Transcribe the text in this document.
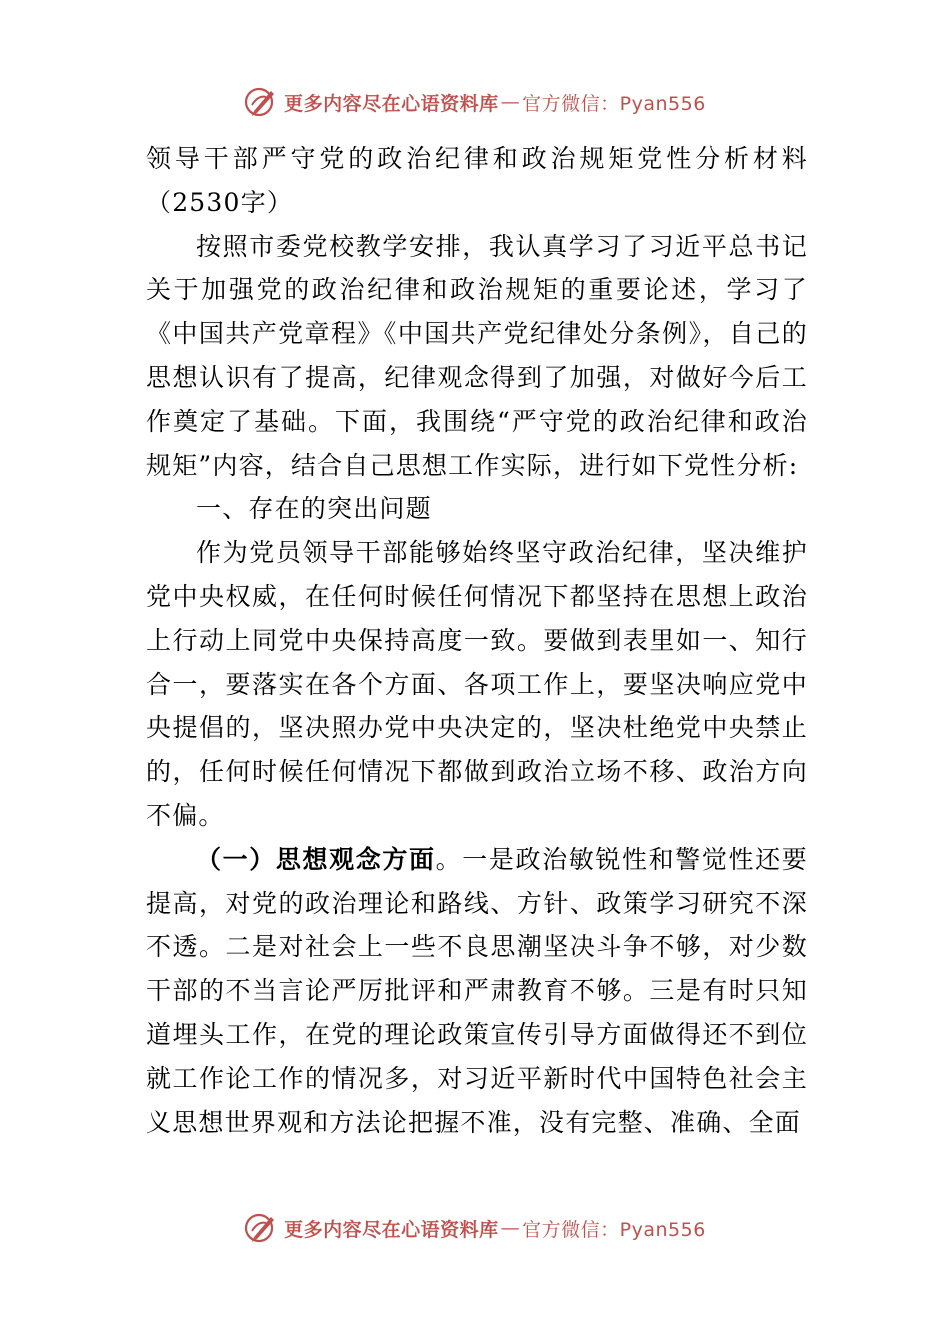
更多内容尽在心语资料库 — 官方微信：Pyan556

领导干部严守党的政治纪律和政治规矩党性分析材料（2530字）

按照市委党校教学安排，我认真学习了习近平总书记关于加强党的政治纪律和政治规矩的重要论述，学习了《中国共产党章程》《中国共产党纪律处分条例》，自己的思想认识有了提高，纪律观念得到了加强，对做好今后工作奠定了基础。下面，我围绕“严守党的政治纪律和政治规矩”内容，结合自己思想工作实际，进行如下党性分析:

一、存在的突出问题

作为党员领导干部能够始终坚守政治纪律，坚决维护党中央权威，在任何时候任何情况下都坚持在思想上政治上行动上同党中央保持高度一致。要做到表里如一、知行合一，要落实在各个方面、各项工作上，要坚决响应党中央提倡的，坚决照办党中央决定的，坚决杜绝党中央禁止的，任何时候任何情况下都做到政治立场不移、政治方向不偏。

（一）思想观念方面。一是政治敏锐性和警觉性还要提高，对党的政治理论和路线、方针、政策学习研究不深不透。二是对社会上一些不良思潮坚决斗争不够，对少数干部的不当言论严厉批评和严肃教育不够。三是有时只知道埋头工作，在党的理论政策宣传引导方面做得还不到位就工作论工作的情况多，对习近平新时代中国特色社会主义思想世界观和方法论把握不准，没有完整、准确、全面

更多内容尽在心语资料库 — 官方微信：Pyan556
